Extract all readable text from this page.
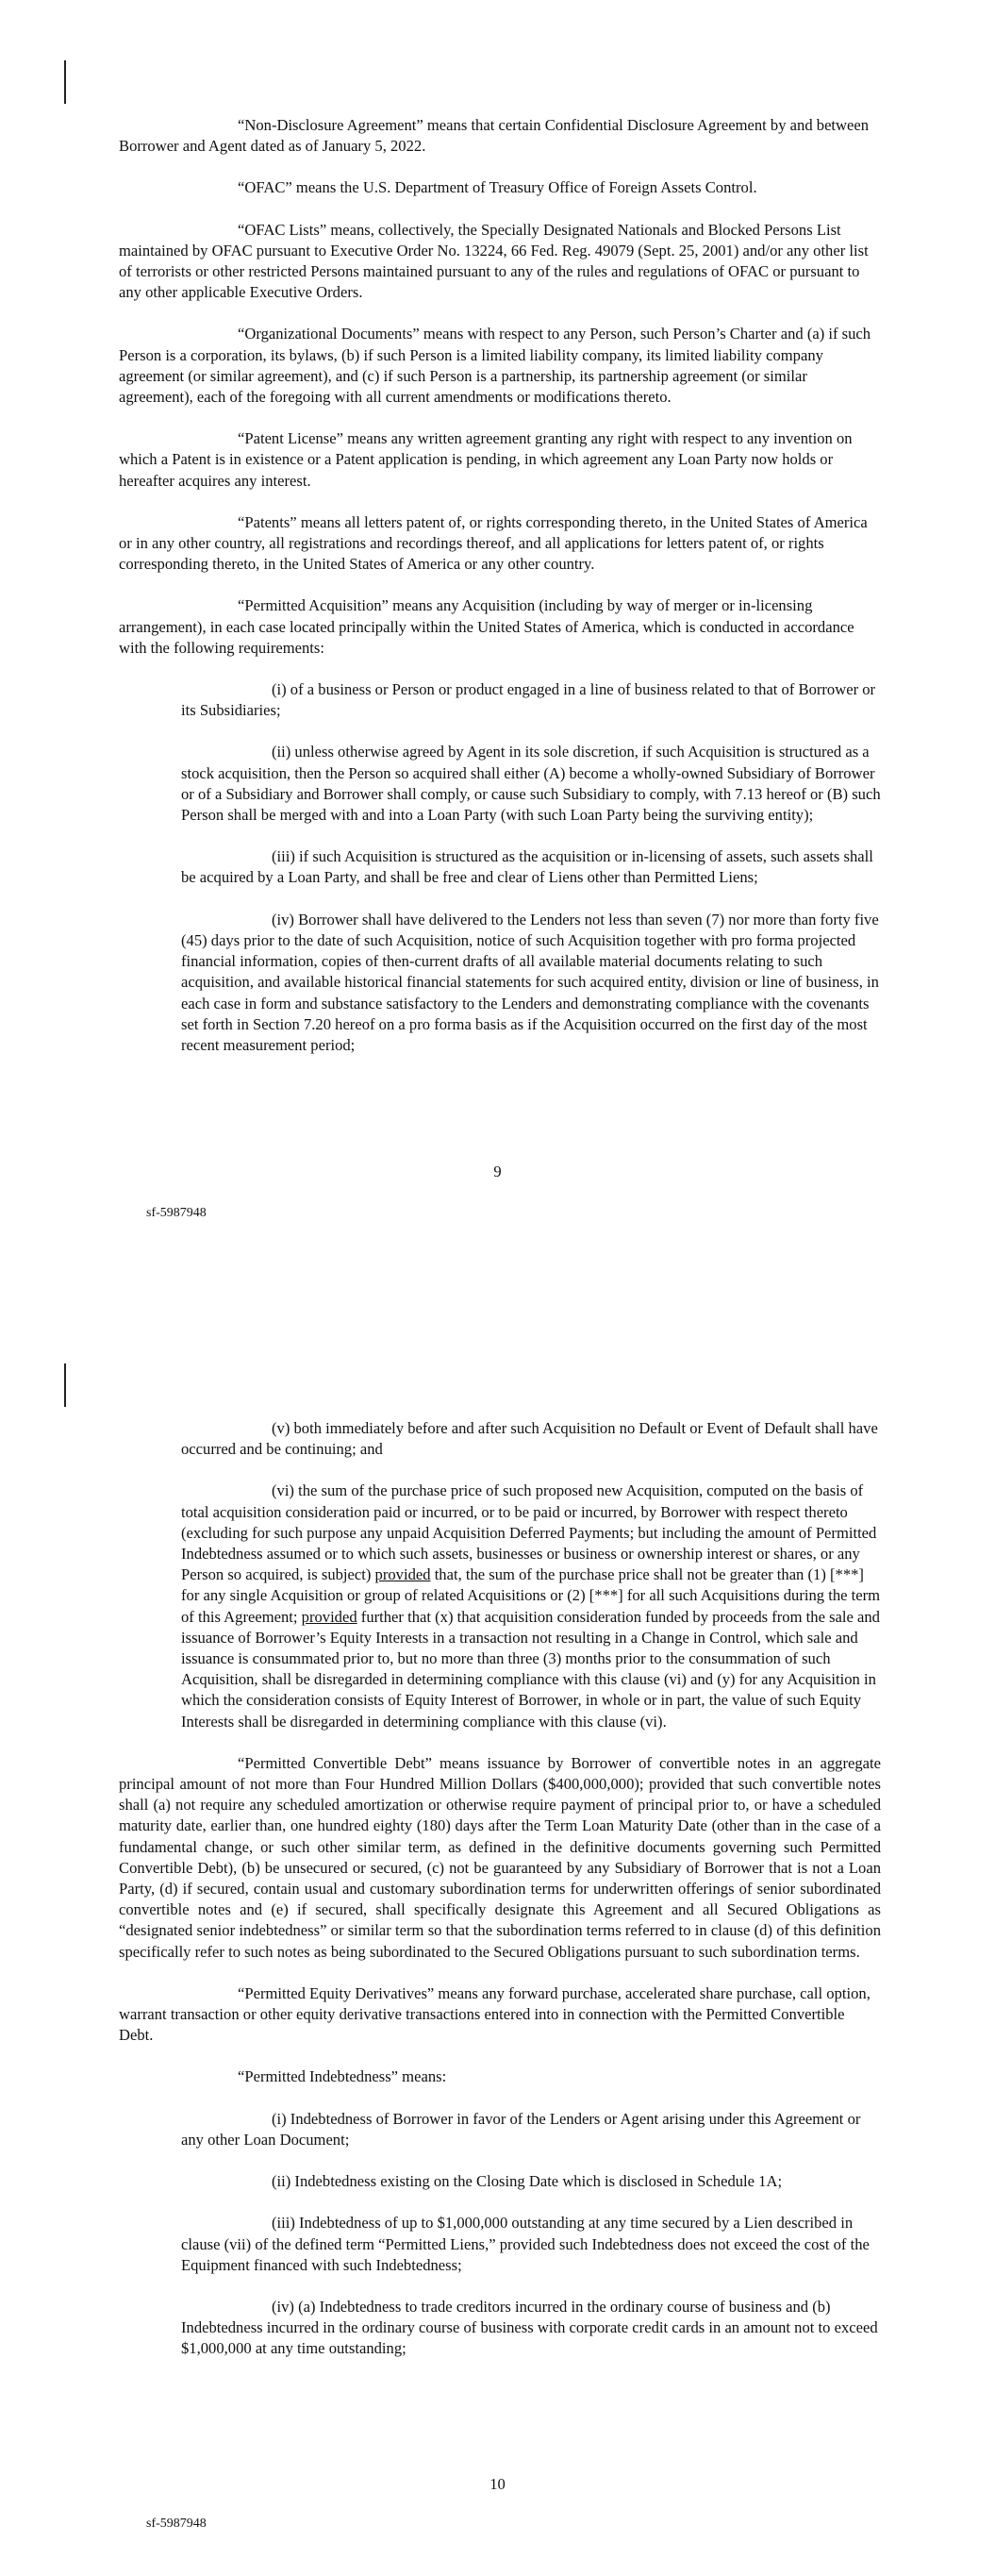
“Non-Disclosure Agreement” means that certain Confidential Disclosure Agreement by and between Borrower and Agent dated as of January 5, 2022.

“OFAC” means the U.S. Department of Treasury Office of Foreign Assets Control.

“OFAC Lists” means, collectively, the Specially Designated Nationals and Blocked Persons List maintained by OFAC pursuant to Executive Order No. 13224, 66 Fed. Reg. 49079 (Sept. 25, 2001) and/or any other list of terrorists or other restricted Persons maintained pursuant to any of the rules and regulations of OFAC or pursuant to any other applicable Executive Orders.

“Organizational Documents” means with respect to any Person, such Person’s Charter and (a) if such Person is a corporation, its bylaws, (b) if such Person is a limited liability company, its limited liability company agreement (or similar agreement), and (c) if such Person is a partnership, its partnership agreement (or similar agreement), each of the foregoing with all current amendments or modifications thereto.

“Patent License” means any written agreement granting any right with respect to any invention on which a Patent is in existence or a Patent application is pending, in which agreement any Loan Party now holds or hereafter acquires any interest.

“Patents” means all letters patent of, or rights corresponding thereto, in the United States of America or in any other country, all registrations and recordings thereof, and all applications for letters patent of, or rights corresponding thereto, in the United States of America or any other country.

“Permitted Acquisition” means any Acquisition (including by way of merger or in-licensing arrangement), in each case located principally within the United States of America, which is conducted in accordance with the following requirements:

(i) of a business or Person or product engaged in a line of business related to that of Borrower or its Subsidiaries;

(ii) unless otherwise agreed by Agent in its sole discretion, if such Acquisition is structured as a stock acquisition, then the Person so acquired shall either (A) become a wholly-owned Subsidiary of Borrower or of a Subsidiary and Borrower shall comply, or cause such Subsidiary to comply, with 7.13 hereof or (B) such Person shall be merged with and into a Loan Party (with such Loan Party being the surviving entity);

(iii) if such Acquisition is structured as the acquisition or in-licensing of assets, such assets shall be acquired by a Loan Party, and shall be free and clear of Liens other than Permitted Liens;

(iv) Borrower shall have delivered to the Lenders not less than seven (7) nor more than forty five (45) days prior to the date of such Acquisition, notice of such Acquisition together with pro forma projected financial information, copies of then-current drafts of all available material documents relating to such acquisition, and available historical financial statements for such acquired entity, division or line of business, in each case in form and substance satisfactory to the Lenders and demonstrating compliance with the covenants set forth in Section 7.20 hereof on a pro forma basis as if the Acquisition occurred on the first day of the most recent measurement period;

9
sf-5987948

(v) both immediately before and after such Acquisition no Default or Event of Default shall have occurred and be continuing; and

(vi) the sum of the purchase price of such proposed new Acquisition, computed on the basis of total acquisition consideration paid or incurred, or to be paid or incurred, by Borrower with respect thereto (excluding for such purpose any unpaid Acquisition Deferred Payments; but including the amount of Permitted Indebtedness assumed or to which such assets, businesses or business or ownership interest or shares, or any Person so acquired, is subject) provided that, the sum of the purchase price shall not be greater than (1) [***] for any single Acquisition or group of related Acquisitions or (2) [***] for all such Acquisitions during the term of this Agreement; provided further that (x) that acquisition consideration funded by proceeds from the sale and issuance of Borrower’s Equity Interests in a transaction not resulting in a Change in Control, which sale and issuance is consummated prior to, but no more than three (3) months prior to the consummation of such Acquisition, shall be disregarded in determining compliance with this clause (vi) and (y) for any Acquisition in which the consideration consists of Equity Interest of Borrower, in whole or in part, the value of such Equity Interests shall be disregarded in determining compliance with this clause (vi).

“Permitted Convertible Debt” means issuance by Borrower of convertible notes in an aggregate principal amount of not more than Four Hundred Million Dollars ($400,000,000); provided that such convertible notes shall (a) not require any scheduled amortization or otherwise require payment of principal prior to, or have a scheduled maturity date, earlier than, one hundred eighty (180) days after the Term Loan Maturity Date (other than in the case of a fundamental change, or such other similar term, as defined in the definitive documents governing such Permitted Convertible Debt), (b) be unsecured or secured, (c) not be guaranteed by any Subsidiary of Borrower that is not a Loan Party, (d) if secured, contain usual and customary subordination terms for underwritten offerings of senior subordinated convertible notes and (e) if secured, shall specifically designate this Agreement and all Secured Obligations as “designated senior indebtedness” or similar term so that the subordination terms referred to in clause (d) of this definition specifically refer to such notes as being subordinated to the Secured Obligations pursuant to such subordination terms.

“Permitted Equity Derivatives” means any forward purchase, accelerated share purchase, call option, warrant transaction or other equity derivative transactions entered into in connection with the Permitted Convertible Debt.

“Permitted Indebtedness” means:

(i) Indebtedness of Borrower in favor of the Lenders or Agent arising under this Agreement or any other Loan Document;

(ii) Indebtedness existing on the Closing Date which is disclosed in Schedule 1A;

(iii) Indebtedness of up to $1,000,000 outstanding at any time secured by a Lien described in clause (vii) of the defined term “Permitted Liens,” provided such Indebtedness does not exceed the cost of the Equipment financed with such Indebtedness;

(iv) (a) Indebtedness to trade creditors incurred in the ordinary course of business and (b) Indebtedness incurred in the ordinary course of business with corporate credit cards in an amount not to exceed $1,000,000 at any time outstanding;

10
sf-5987948
